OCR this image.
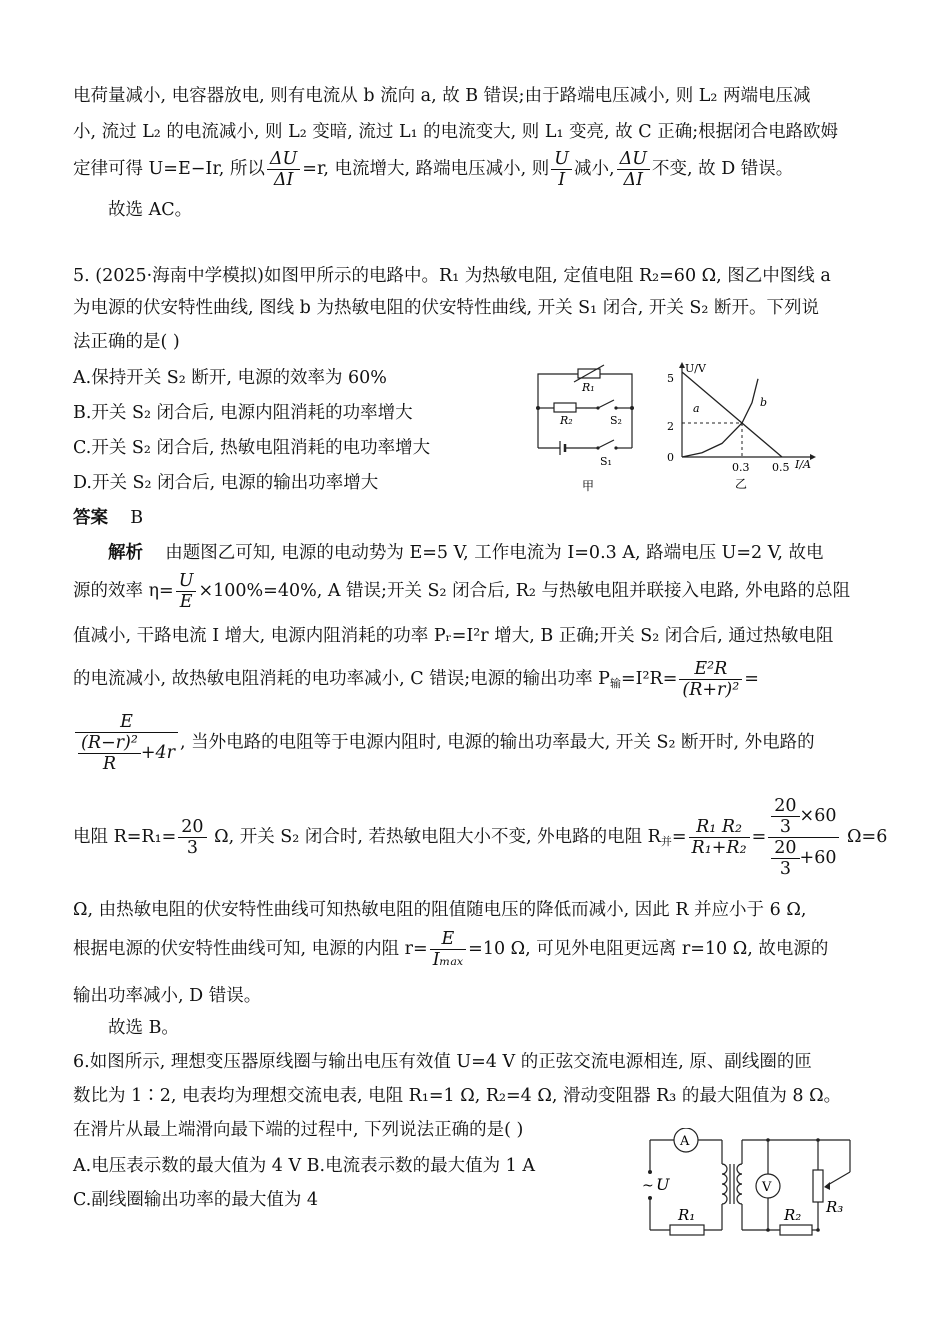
电荷量减小, 电容器放电, 则有电流从 b 流向 a, 故 B 错误;由于路端电压减小, 则 L₂ 两端电压减
小, 流过 L₂ 的电流减小, 则 L₂ 变暗, 流过 L₁ 的电流变大, 则 L₁ 变亮, 故 C 正确;根据闭合电路欧姆
定律可得 U=E−Ir, 所以 $\frac{\Delta U}{\Delta I} =r$, 电流增大, 路端电压减小, 则 $\frac{U}{I}$ 减小, $\frac{\Delta U}{\Delta I}$ 不变, 故 D 错误。
故选 AC。
5. (2025·海南中学模拟)如图甲所示的电路中。R₁ 为热敏电阻, 定值电阻 R₂=60 Ω, 图乙中图线 a
为电源的伏安特性曲线, 图线 b 为热敏电阻的伏安特性曲线, 开关 S₁ 闭合, 开关 S₂ 断开。下列说
法正确的是( )
A.保持开关 S₂ 断开, 电源的效率为 60%
B.开关 S₂ 闭合后, 电源内阻消耗的功率增大
C.开关 S₂ 闭合后, 热敏电阻消耗的电功率增大
D.开关 S₂ 闭合后, 电源的输出功率增大
R₁
R₂	S₂
S₁
甲
U/V
I/A
5
2
0
0.3 0.5
a	b
乙
答案 B
解析 由题图乙可知, 电源的电动势为 E=5 V, 工作电流为 I=0.3 A, 路端电压 U=2 V, 故电
源的效率 $\eta= \frac{U}{E} \times 100\%=40\%$, A 错误;开关 S₂ 闭合后, R₂ 与热敏电阻并联接入电路, 外电路的总阻
值减小, 干路电流 I 增大, 电源内阻消耗的功率 Pᵣ=I²r 增大, B 正确;开关 S₂ 闭合后, 通过热敏电阻
的电流减小, 故热敏电阻消耗的电功率减小, C 错误;电源的输出功率 $P_输=I^2R= \frac{\text{E²R}}{\text{(R+r)²}}$ =
$\frac{E}{\frac{\text{(R−r)²}}{R} +4r}$ , 当外电路的电阻等于电源内阻时, 电源的输出功率最大, 开关 S₂ 断开时, 外电路的
电阻 $R=R_1= \frac{20}{3} \Omega$, 开关 S₂ 闭合时, 若热敏电阻大小不变, 外电路的电阻 $R_并= \frac{\text{R₁ R₂}}{\text{R₁+R₂}} = \frac{\frac{20}{3} \times 60}{\frac{20}{3} +60} \Omega=6$
Ω, 由热敏电阻的伏安特性曲线可知热敏电阻的阻值随电压的降低而减小, 因此 R 并应小于 6 Ω,
根据电源的伏安特性曲线可知, 电源的内阻 $r= \frac{E}{\text{Iₘₐₓ}} =10$ Ω, 可见外电阻更远离 r=10 Ω, 故电源的
输出功率减小, D 错误。
故选 B。
6.如图所示, 理想变压器原线圈与输出电压有效值 U=4 V 的正弦交流电源相连, 原、副线圈的匝
数比为 1∶2, 电表均为理想交流电表, 电阻 R₁=1 Ω, R₂=4 Ω, 滑动变阻器 R₃ 的最大阻值为 8 Ω。
在滑片从最上端滑向最下端的过程中, 下列说法正确的是( )
A.电压表示数的最大值为 4 V B.电流表示数的最大值为 1 A
C.副线圈输出功率的最大值为 4
A
V
~ U
R₁	R₂ R₃
